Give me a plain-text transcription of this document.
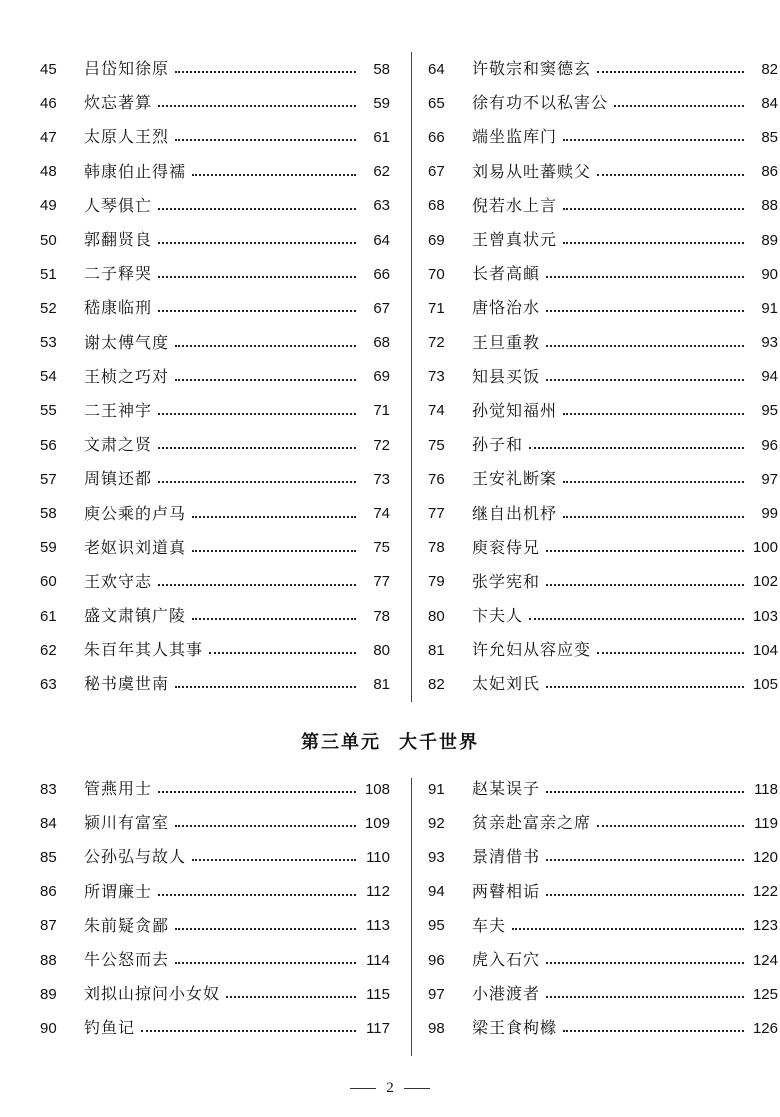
45	吕岱知徐原	58
46	炊忘著算	59
47	太原人王烈	61
48	韩康伯止得襦	62
49	人琴俱亡	63
50	郭翻贤良	64
51	二子释哭	66
52	嵇康临刑	67
53	谢太傅气度	68
54	王桢之巧对	69
55	二王神宇	71
56	文肃之贤	72
57	周镇还都	73
58	庾公乘的卢马	74
59	老妪识刘道真	75
60	王欢守志	77
61	盛文肃镇广陵	78
62	朱百年其人其事	80
63	秘书虞世南	81
64	许敬宗和窦德玄	82
65	徐有功不以私害公	84
66	端坐监库门	85
67	刘易从吐蕃赎父	86
68	倪若水上言	88
69	王曾真状元	89
70	长者高頔	90
71	唐恪治水	91
72	王旦重教	93
73	知县买饭	94
74	孙觉知福州	95
75	孙子和	96
76	王安礼断案	97
77	继自出机杼	99
78	庾衮侍兄	100
79	张学宪和	102
80	卞夫人	103
81	许允妇从容应变	104
82	太妃刘氏	105
第三单元 大千世界
83	管燕用士	108
84	颍川有富室	109
85	公孙弘与故人	110
86	所谓廉士	112
87	朱前疑贪鄙	113
88	牛公怒而去	114
89	刘拟山掠问小女奴	115
90	钓鱼记	117
91	赵某误子	118
92	贫亲赴富亲之席	119
93	景清借书	120
94	两瞽相诟	122
95	车夫	123
96	虎入石穴	124
97	小港渡者	125
98	梁王食枸橼	126
2
